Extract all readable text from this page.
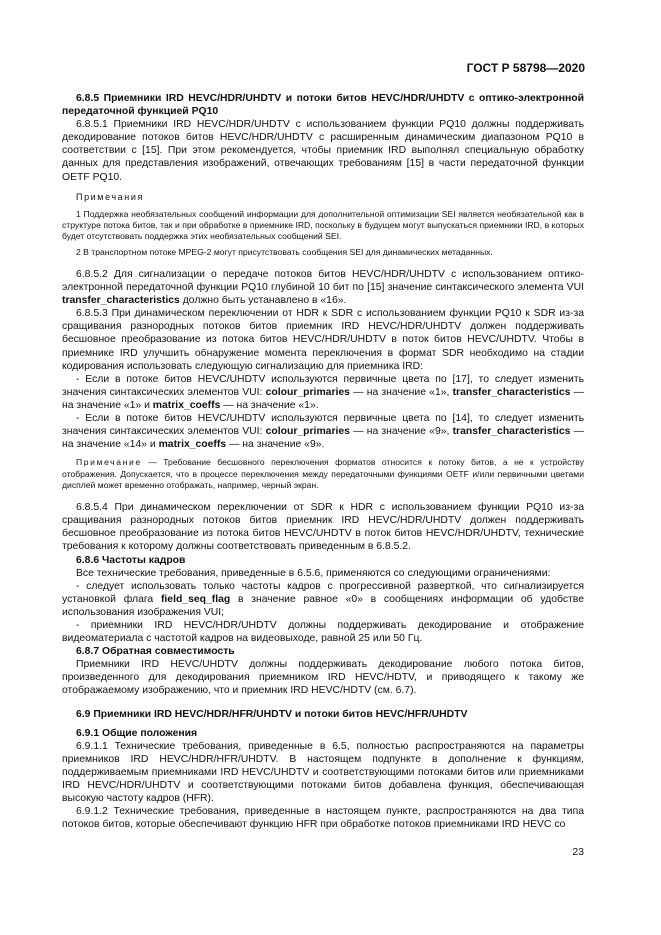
ГОСТ Р 58798—2020

6.8.5 Приемники IRD HEVC/HDR/UHDTV и потоки битов HEVC/HDR/UHDTV с оптико-электронной передаточной функцией PQ10

6.8.5.1 Приемники IRD HEVC/HDR/UHDTV с использованием функции PQ10 должны поддерживать декодирование потоков битов HEVC/HDR/UHDTV с расширенным динамическим диапазоном PQ10 в соответствии с [15]. При этом рекомендуется, чтобы приемник IRD выполнял специальную обработку данных для представления изображений, отвечающих требованиям [15] в части передаточной функции OETF PQ10.

Примечания

1 Поддержка необязательных сообщений информации для дополнительной оптимизации SEI является необязательной как в структуре потока битов, так и при обработке в приемнике IRD, поскольку в будущем могут выпускаться приемники IRD, в которых будет отсутствовать поддержка этих необязательных сообщений SEI.

2 В транспортном потоке MPEG-2 могут присутствовать сообщения SEI для динамических метаданных.

6.8.5.2 Для сигнализации о передаче потоков битов HEVC/HDR/UHDTV с использованием оптико-электронной передаточной функции PQ10 глубиной 10 бит по [15] значение синтаксического элемента VUI transfer_characteristics должно быть устанавлено в «16».

6.8.5.3 При динамическом переключении от HDR к SDR с использованием функции PQ10 к SDR из-за сращивания разнородных потоков битов приемник IRD HEVC/HDR/UHDTV должен поддерживать бесшовное преобразование из потока битов HEVC/HDR/UHDTV в поток битов HEVC/UHDTV. Чтобы в приемнике IRD улучшить обнаружение момента переключения в формат SDR необходимо на стадии кодирования использовать следующую сигнализацию для приемника IRD:

- Если в потоке битов HEVC/UHDTV используются первичные цвета по [17], то следует изменить значения синтаксических элементов VUI: colour_primaries — на значение «1», transfer_characteristics — на значение «1» и matrix_coeffs — на значение «1».

- Если в потоке битов HEVC/UHDTV используются первичные цвета по [14], то следует изменить значения синтаксических элементов VUI: colour_primaries — на значение «9», transfer_characteristics — на значение «14» и matrix_coeffs — на значение «9».

Примечание — Требование бесшовного переключения форматов относится к потоку битов, а не к устройству отображения. Допускается, что в процессе переключения между передаточными функциями OETF и/или первичными цветами дисплей может временно отображать, например, черный экран.

6.8.5.4 При динамическом переключении от SDR к HDR с использованием функции PQ10 из-за сращивания разнородных потоков битов приемник IRD HEVC/HDR/UHDTV должен поддерживать бесшовное преобразование из потока битов HEVC/UHDTV в поток битов HEVC/HDR/UHDTV, технические требования к которому должны соответствовать приведенным в 6.8.5.2.

6.8.6 Частоты кадров

Все технические требования, приведенные в 6.5.6, применяются со следующими ограничениями:

- следует использовать только частоты кадров с прогрессивной разверткой, что сигнализируется установкой флага field_seq_flag в значение равное «0» в сообщениях информации об удобстве использования изображения VUI;

- приемники IRD HEVC/HDR/UHDTV должны поддерживать декодирование и отображение видеоматериала с частотой кадров на видеовыходе, равной 25 или 50 Гц.

6.8.7 Обратная совместимость

Приемники IRD HEVC/UHDTV должны поддерживать декодирование любого потока битов, произведенного для декодирования приемником IRD HEVC/HDTV, и приводящего к такому же отображаемому изображению, что и приемник IRD HEVC/HDTV (см. 6.7).

6.9 Приемники IRD HEVC/HDR/HFR/UHDTV и потоки битов HEVC/HFR/UHDTV

6.9.1 Общие положения

6.9.1.1 Технические требования, приведенные в 6.5, полностью распространяются на параметры приемников IRD HEVC/HDR/HFR/UHDTV. В настоящем подпункте в дополнение к функциям, поддерживаемым приемниками IRD HEVC/UHDTV и соответствующими потоками битов или приемниками IRD HEVC/HDR/UHDTV и соответствующими потоками битов добавлена функция, обеспечивающая высокую частоту кадров (HFR).

6.9.1.2 Технические требования, приведенные в настоящем пункте, распространяются на два типа потоков битов, которые обеспечивают функцию HFR при обработке потоков приемниками IRD HEVC со

23
